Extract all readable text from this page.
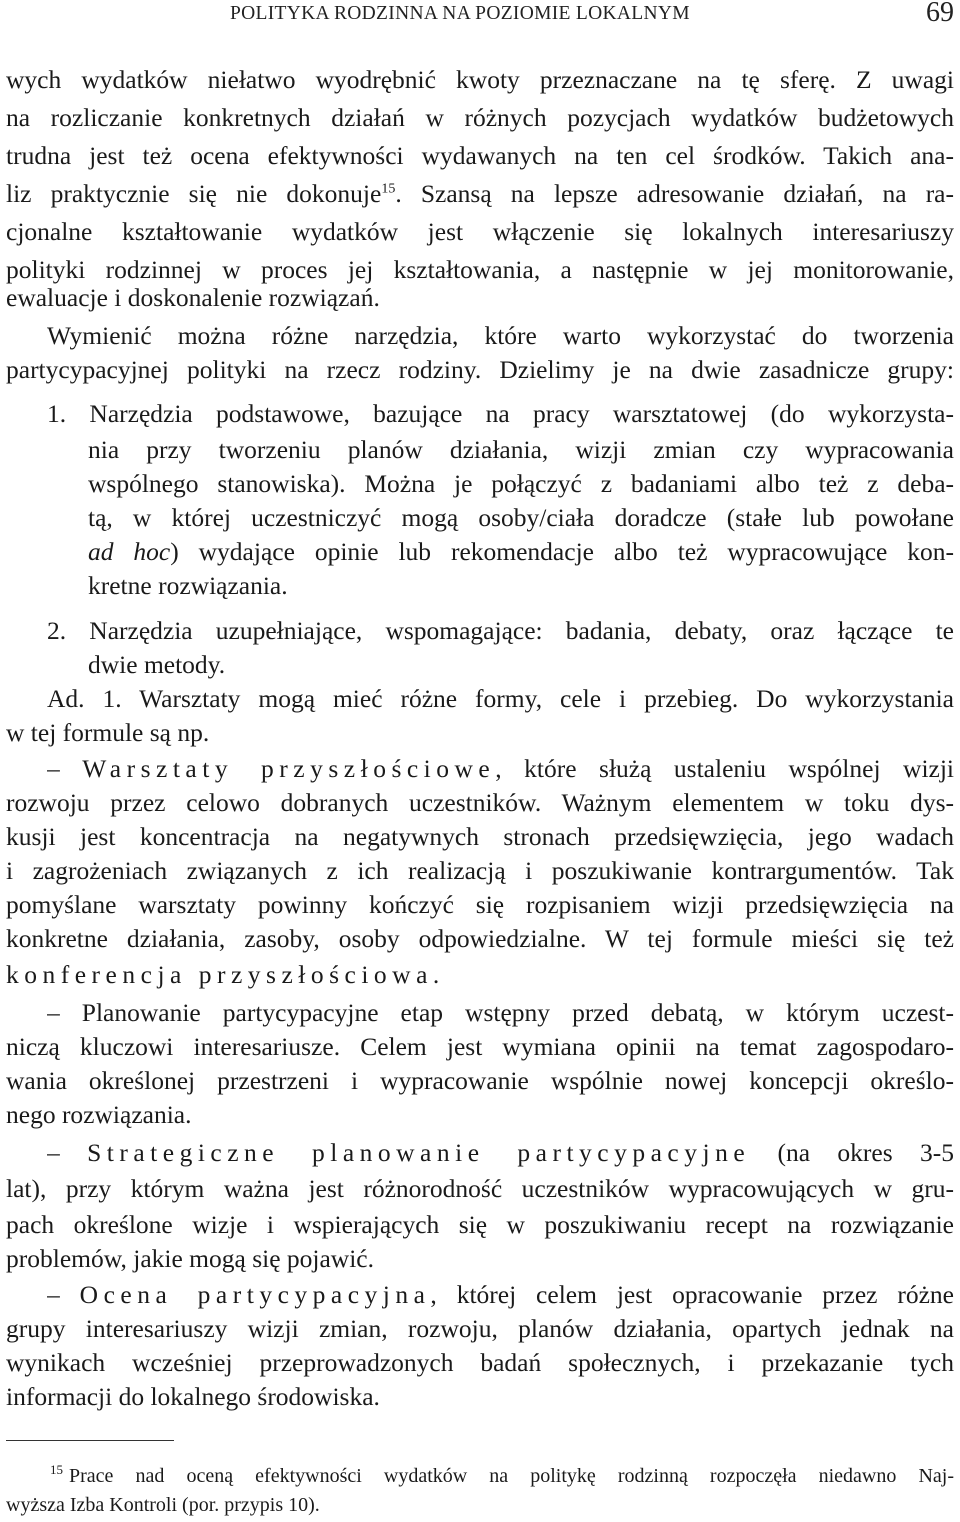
POLITYKA RODZINNA NA POZIOMIE LOKALNYM	69
wych wydatków niełatwo wyodrębnić kwoty przeznaczane na tę sferę. Z uwagi
na rozliczanie konkretnych działań w różnych pozycjach wydatków budżetowych
trudna jest też ocena efektywności wydawanych na ten cel środków. Takich ana-
liz praktycznie się nie dokonuje$^{15}$. Szansą na lepsze adresowanie działań, na ra-
cjonalne kształtowanie wydatków jest włączenie się lokalnych interesariuszy
polityki rodzinnej w proces jej kształtowania, a następnie w jej monitorowanie,
ewaluacje i doskonalenie rozwiązań.
Wymienić można różne narzędzia, które warto wykorzystać do tworzenia
partycypacyjnej polityki na rzecz rodziny. Dzielimy je na dwie zasadnicze grupy:
1. Narzędzia podstawowe, bazujące na pracy warsztatowej (do wykorzysta-
nia przy tworzeniu planów działania, wizji zmian czy wypracowania
wspólnego stanowiska). Można je połączyć z badaniami albo też z deba-
tą, w której uczestniczyć mogą osoby/ciała doradcze (stałe lub powołane
ad hoc) wydające opinie lub rekomendacje albo też wypracowujące kon-
kretne rozwiązania.
2. Narzędzia uzupełniające, wspomagające: badania, debaty, oraz łączące te
dwie metody.
Ad. 1. Warsztaty mogą mieć różne formy, cele i przebieg. Do wykorzystania
w tej formule są np.
– Warsztaty przyszłościowe, które służą ustaleniu wspólnej wizji
rozwoju przez celowo dobranych uczestników. Ważnym elementem w toku dys-
kusji jest koncentracja na negatywnych stronach przedsięwzięcia, jego wadach
i zagrożeniach związanych z ich realizacją i poszukiwanie kontrargumentów. Tak
pomyślane warsztaty powinny kończyć się rozpisaniem wizji przedsięwzięcia na
konkretne działania, zasoby, osoby odpowiedzialne. W tej formule mieści się też
konferencja przyszłościowa.
– Planowanie partycypacyjne etap wstępny przed debatą, w którym uczest-
niczą kluczowi interesariusze. Celem jest wymiana opinii na temat zagospodaro-
wania określonej przestrzeni i wypracowanie wspólnie nowej koncepcji określo-
nego rozwiązania.
– Strategiczne planowanie partycypacyjne (na okres 3-5
lat), przy którym ważna jest różnorodność uczestników wypracowujących w gru-
pach określone wizje i wspierających się w poszukiwaniu recept na rozwiązanie
problemów, jakie mogą się pojawić.
– Ocena partycypacyjna, której celem jest opracowanie przez różne
grupy interesariuszy wizji zmian, rozwoju, planów działania, opartych jednak na
wynikach wcześniej przeprowadzonych badań społecznych, i przekazanie tych
informacji do lokalnego środowiska.
$^{15}$ Prace nad oceną efektywności wydatków na politykę rodzinną rozpoczęła niedawno Naj-
wyższa Izba Kontroli (por. przypis 10).
